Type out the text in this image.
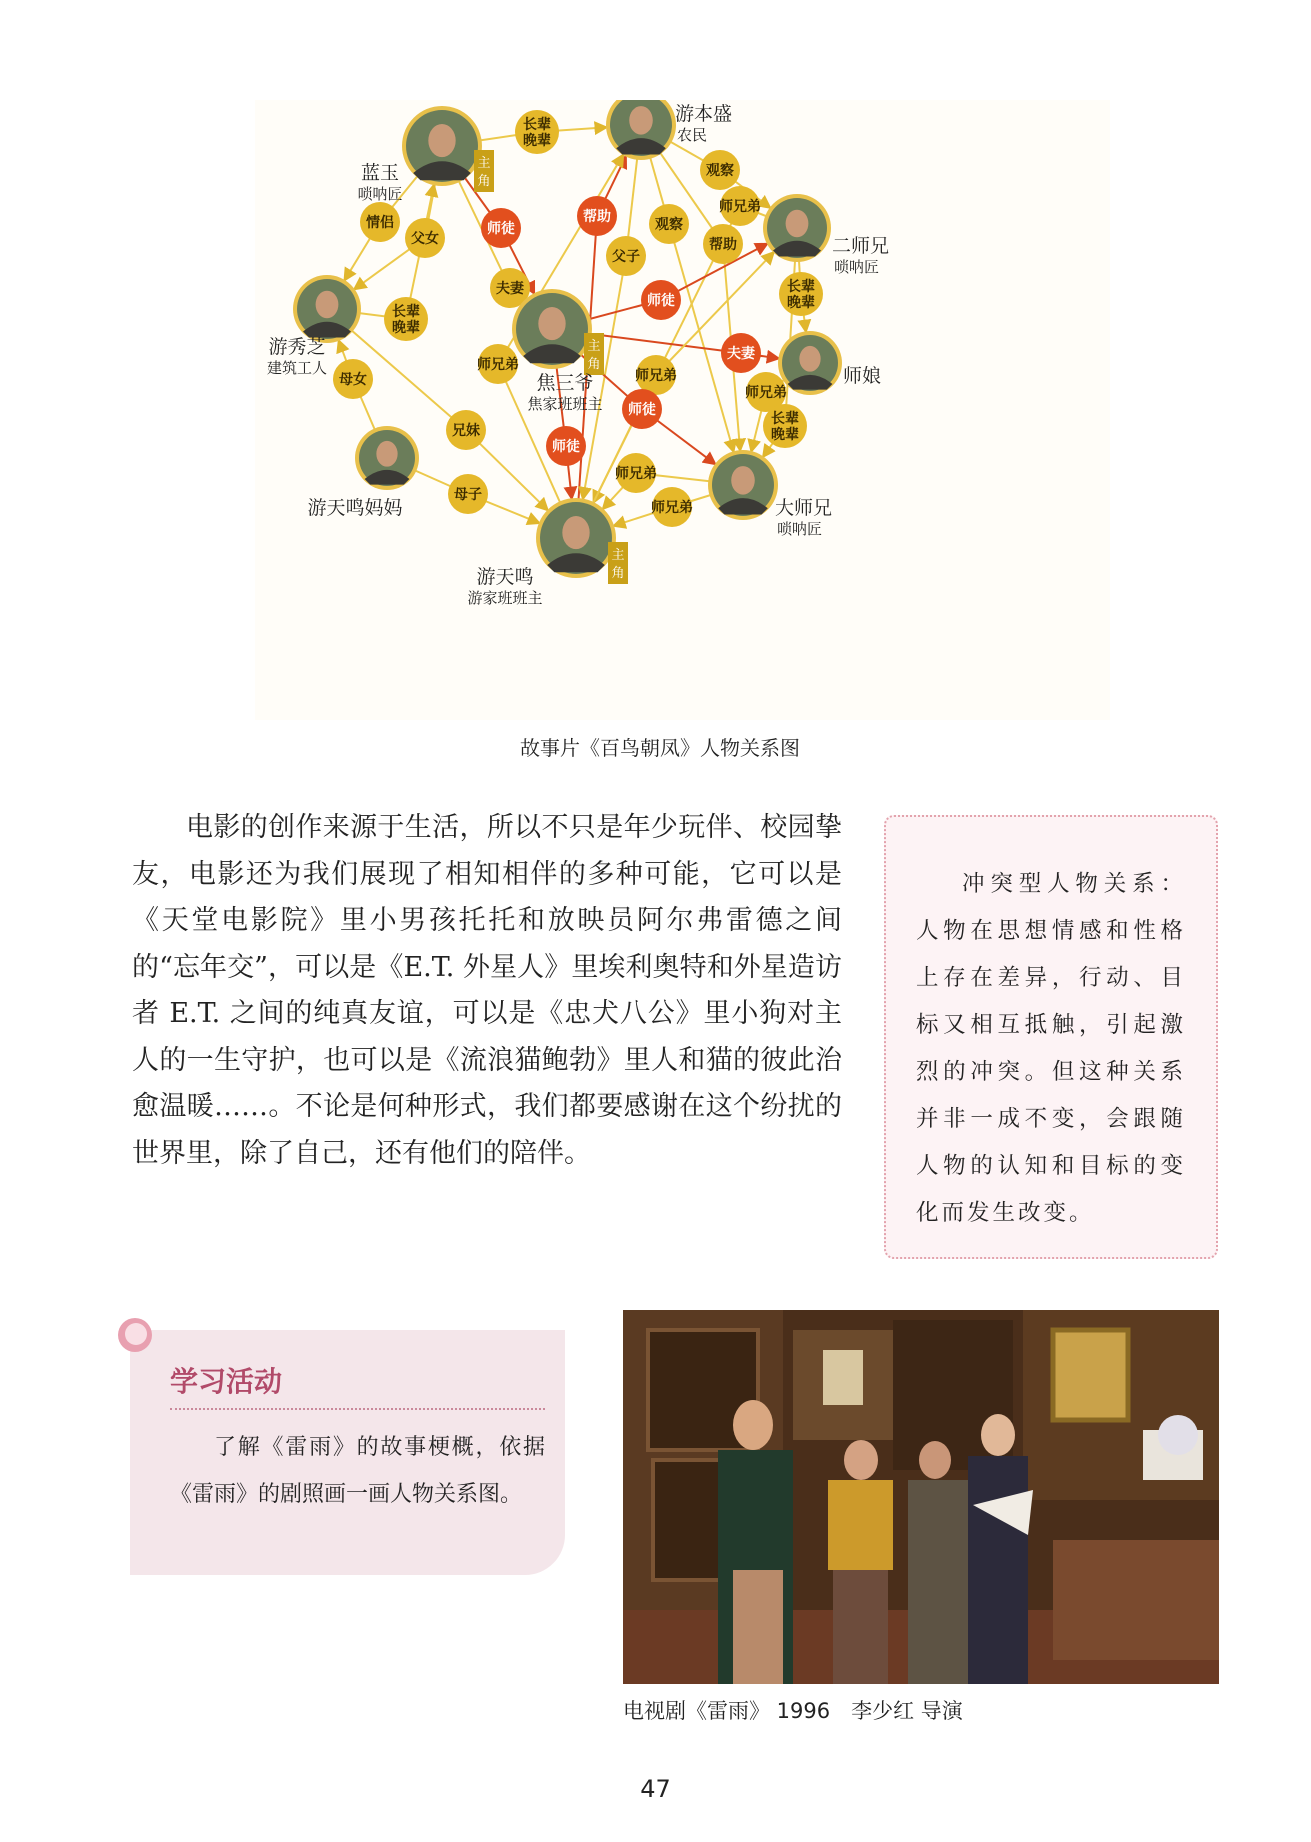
长辈
晚辈
观察
情侣
父女
师徒
帮助	观察
师兄弟
帮助
父子
夫妻
师徒
长辈
晚辈
长辈
晚辈
夫妻
母女
师兄弟
师兄弟
师兄弟
师徒
长辈
晚辈
兄妹
师徒
师兄弟
母子
师兄弟
游本盛
农民
主
角
蓝玉
唢呐匠
二师兄
唢呐匠
游秀芝
建筑工人
主
角
焦三爷
焦家班班主
师娘
游天鸣妈妈	大师兄
唢呐匠
主
角
游天鸣
游家班班主
故事片《百鸟朝凤》人物关系图

电影的创作来源于生活，所以不只是年少玩伴、校园挚友，电影还为我们展现了相知相伴的多种可能，它可以是《天堂电影院》里小男孩托托和放映员阿尔弗雷德之间的“忘年交”，可以是《E.T. 外星人》里埃利奥特和外星造访者 E.T. 之间的纯真友谊，可以是《忠犬八公》里小狗对主人的一生守护，也可以是《流浪猫鲍勃》里人和猫的彼此治愈温暖……。不论是何种形式，我们都要感谢在这个纷扰的世界里，除了自己，还有他们的陪伴。

冲突型人物关系：人物在思想情感和性格上存在差异，行动、目标又相互抵触，引起激烈的冲突。但这种关系并非一成不变，会跟随人物的认知和目标的变化而发生改变。

学习活动

了解《雷雨》的故事梗概，依据《雷雨》的剧照画一画人物关系图。

电视剧《雷雨》 1996　李少红 导演
47
